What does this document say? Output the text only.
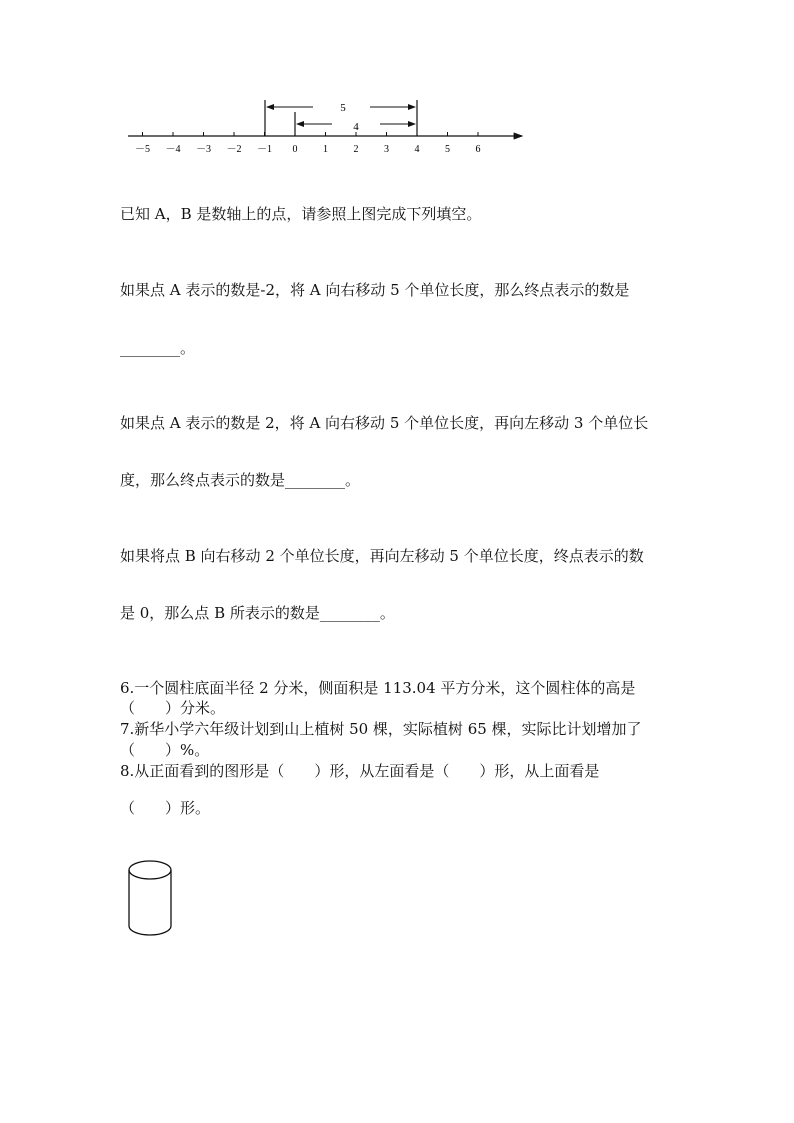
－5 －4 －3 －2 －1 0	1	2	3	4	5	6
5
4

已知 A，B 是数轴上的点，请参照上图完成下列填空。

如果点 A 表示的数是-2，将 A 向右移动 5 个单位长度，那么终点表示的数是

________。

如果点 A 表示的数是 2，将 A 向右移动 5 个单位长度，再向左移动 3 个单位长

度，那么终点表示的数是________。

如果将点 B 向右移动 2 个单位长度，再向左移动 5 个单位长度，终点表示的数

是 0，那么点 B 所表示的数是________。

6.一个圆柱底面半径 2 分米，侧面积是 113.04 平方分米，这个圆柱体的高是

（　　）分米。

7.新华小学六年级计划到山上植树 50 棵，实际植树 65 棵，实际比计划增加了

（　　）%。

8.从正面看到的图形是（　　）形，从左面看是（　　）形，从上面看是

（　　）形。
